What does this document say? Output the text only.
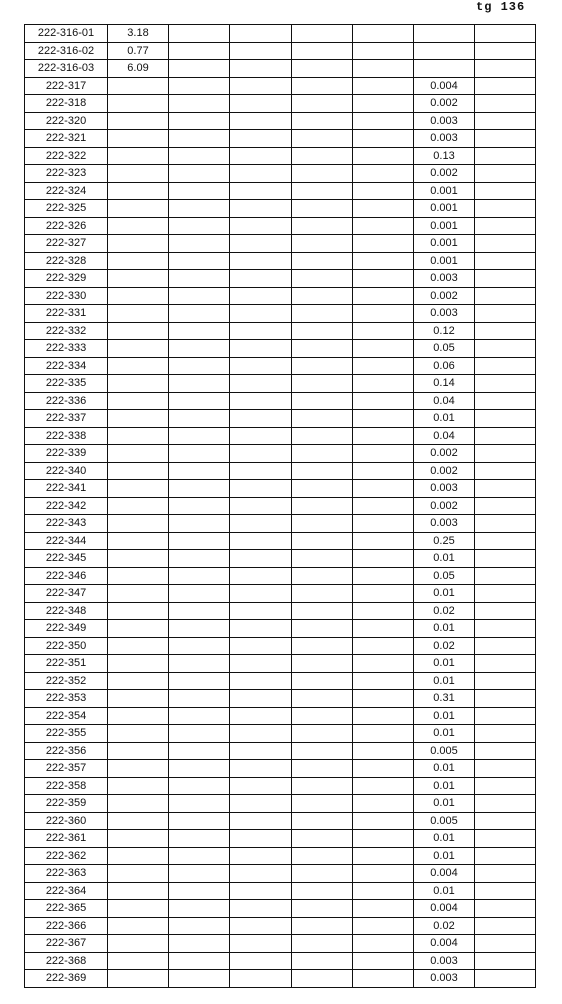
tg 136
222-316-01	3.18						
222-316-02	0.77						
222-316-03	6.09						
222-317						0.004	
222-318						0.002	
222-320						0.003	
222-321						0.003	
222-322						0.13	
222-323						0.002	
222-324						0.001	
222-325						0.001	
222-326						0.001	
222-327						0.001	
222-328						0.001	
222-329						0.003	
222-330						0.002	
222-331						0.003	
222-332						0.12	
222-333						0.05	
222-334						0.06	
222-335						0.14	
222-336						0.04	
222-337						0.01	
222-338						0.04	
222-339						0.002	
222-340						0.002	
222-341						0.003	
222-342						0.002	
222-343						0.003	
222-344						0.25	
222-345						0.01	
222-346						0.05	
222-347						0.01	
222-348						0.02	
222-349						0.01	
222-350						0.02	
222-351						0.01	
222-352						0.01	
222-353						0.31	
222-354						0.01	
222-355						0.01	
222-356						0.005	
222-357						0.01	
222-358						0.01	
222-359						0.01	
222-360						0.005	
222-361						0.01	
222-362						0.01	
222-363						0.004	
222-364						0.01	
222-365						0.004	
222-366						0.02	
222-367						0.004	
222-368						0.003	
222-369						0.003	
